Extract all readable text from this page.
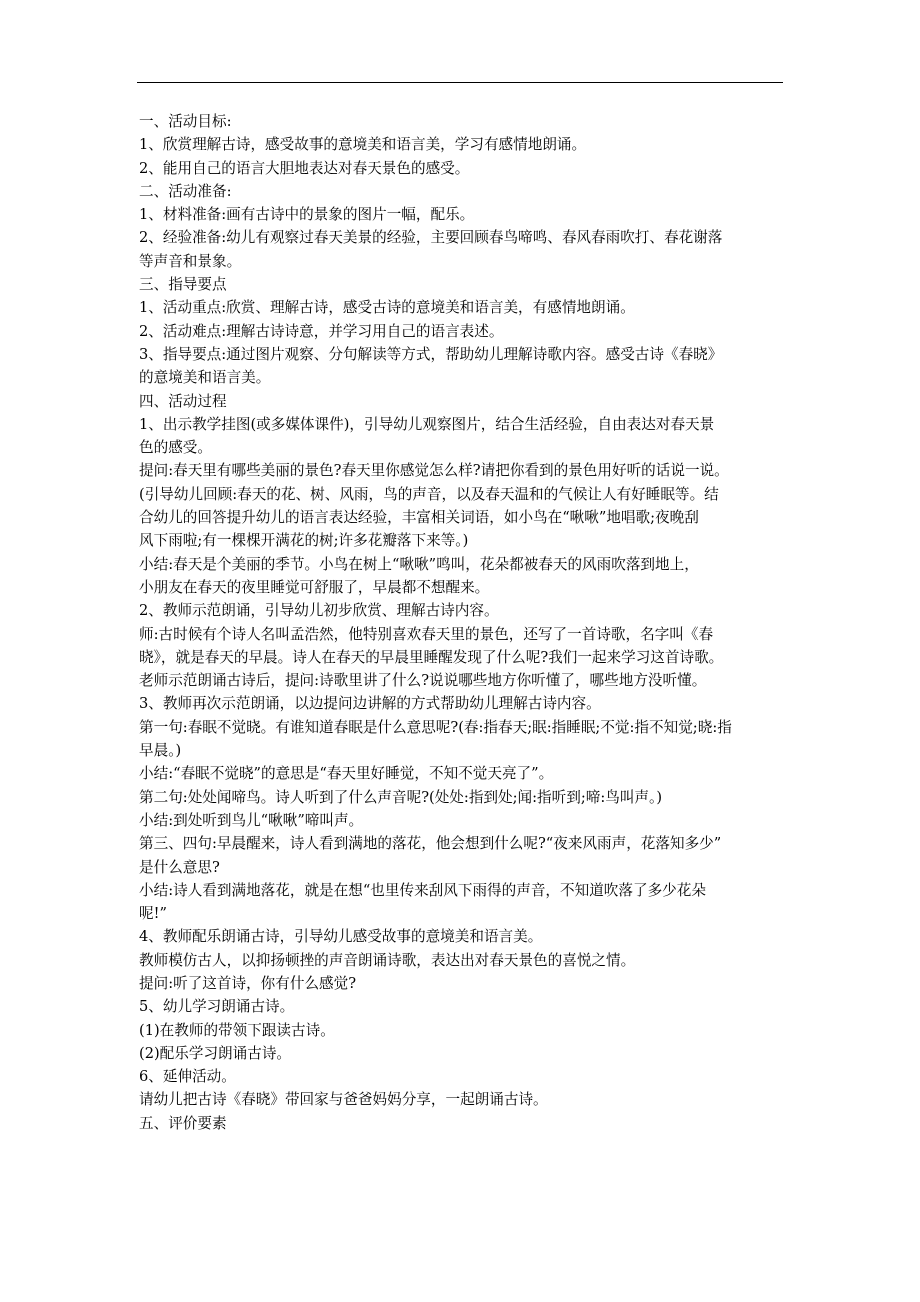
一、活动目标:
1、欣赏理解古诗，感受故事的意境美和语言美，学习有感情地朗诵。
2、能用自己的语言大胆地表达对春天景色的感受。
二、活动准备:
1、材料准备:画有古诗中的景象的图片一幅，配乐。
2、经验准备:幼儿有观察过春天美景的经验，主要回顾春鸟啼鸣、春风春雨吹打、春花谢落
等声音和景象。
三、指导要点
1、活动重点:欣赏、理解古诗，感受古诗的意境美和语言美，有感情地朗诵。
2、活动难点:理解古诗诗意，并学习用自己的语言表述。
3、指导要点:通过图片观察、分句解读等方式，帮助幼儿理解诗歌内容。感受古诗《春晓》
的意境美和语言美。
四、活动过程
1、出示教学挂图(或多媒体课件)，引导幼儿观察图片，结合生活经验，自由表达对春天景
色的感受。
提问:春天里有哪些美丽的景色?春天里你感觉怎么样?请把你看到的景色用好听的话说一说。
(引导幼儿回顾:春天的花、树、风雨，鸟的声音，以及春天温和的气候让人有好睡眠等。结
合幼儿的回答提升幼儿的语言表达经验，丰富相关词语，如小鸟在“啾啾”地唱歌;夜晚刮
风下雨啦;有一棵棵开满花的树;许多花瓣落下来等。)
小结:春天是个美丽的季节。小鸟在树上“啾啾”鸣叫，花朵都被春天的风雨吹落到地上，
小朋友在春天的夜里睡觉可舒服了，早晨都不想醒来。
2、教师示范朗诵，引导幼儿初步欣赏、理解古诗内容。
师:古时候有个诗人名叫孟浩然，他特别喜欢春天里的景色，还写了一首诗歌，名字叫《春
晓》，就是春天的早晨。诗人在春天的早晨里睡醒发现了什么呢?我们一起来学习这首诗歌。
老师示范朗诵古诗后，提问:诗歌里讲了什么?说说哪些地方你听懂了，哪些地方没听懂。
3、教师再次示范朗诵，以边提问边讲解的方式帮助幼儿理解古诗内容。
第一句:春眠不觉晓。有谁知道春眠是什么意思呢?(春:指春天;眠:指睡眠;不觉:指不知觉;晓:指
早晨。)
小结:“春眠不觉晓”的意思是“春天里好睡觉，不知不觉天亮了”。
第二句:处处闻啼鸟。诗人听到了什么声音呢?(处处:指到处;闻:指听到;啼:鸟叫声。)
小结:到处听到鸟儿“啾啾”啼叫声。
第三、四句:早晨醒来，诗人看到满地的落花，他会想到什么呢?“夜来风雨声，花落知多少”
是什么意思?
小结:诗人看到满地落花，就是在想“也里传来刮风下雨得的声音，不知道吹落了多少花朵
呢!”
4、教师配乐朗诵古诗，引导幼儿感受故事的意境美和语言美。
教师模仿古人，以抑扬顿挫的声音朗诵诗歌，表达出对春天景色的喜悦之情。
提问:听了这首诗，你有什么感觉?
5、幼儿学习朗诵古诗。
(1)在教师的带领下跟读古诗。
(2)配乐学习朗诵古诗。
6、延伸活动。
请幼儿把古诗《春晓》带回家与爸爸妈妈分享，一起朗诵古诗。
五、评价要素
